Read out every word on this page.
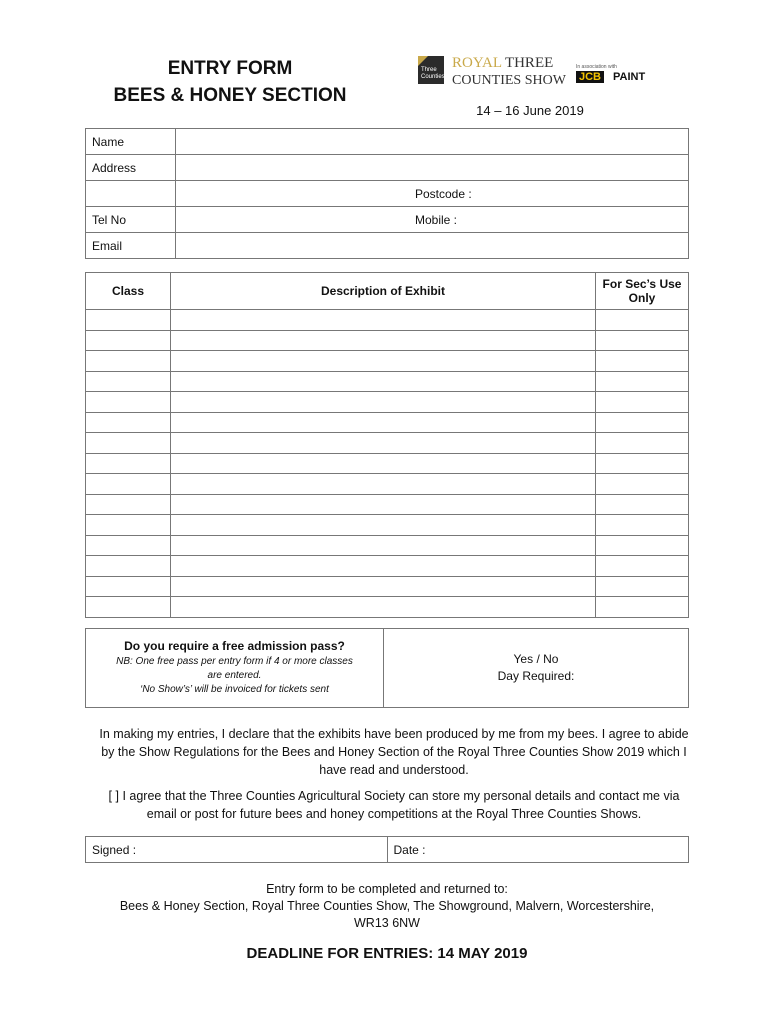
ENTRY FORM
BEES & HONEY SECTION
Three
Counties
ROYAL THREE
COUNTIES SHOW
In association with
JCB PAINT
14 – 16 June 2019
Name	
Address	
	Postcode :
Tel No	Mobile :
Email	
Class	Description of Exhibit	For Sec’s Use Only

Do you require a free admission pass?
NB: One free pass per entry form if 4 or more classes
are entered.
‘No Show’s’ will be invoiced for tickets sent

Yes / No
Day Required:
In making my entries, I declare that the exhibits have been produced by me from my bees. I agree to abide by the Show Regulations for the Bees and Honey Section of the Royal Three Counties Show 2019 which I have read and understood.
[ ] I agree that the Three Counties Agricultural Society can store my personal details and contact me via email or post for future bees and honey competitions at the Royal Three Counties Shows.
Signed :	Date :
Entry form to be completed and returned to:
Bees & Honey Section, Royal Three Counties Show, The Showground, Malvern, Worcestershire,
WR13 6NW
DEADLINE FOR ENTRIES: 14 MAY 2019
